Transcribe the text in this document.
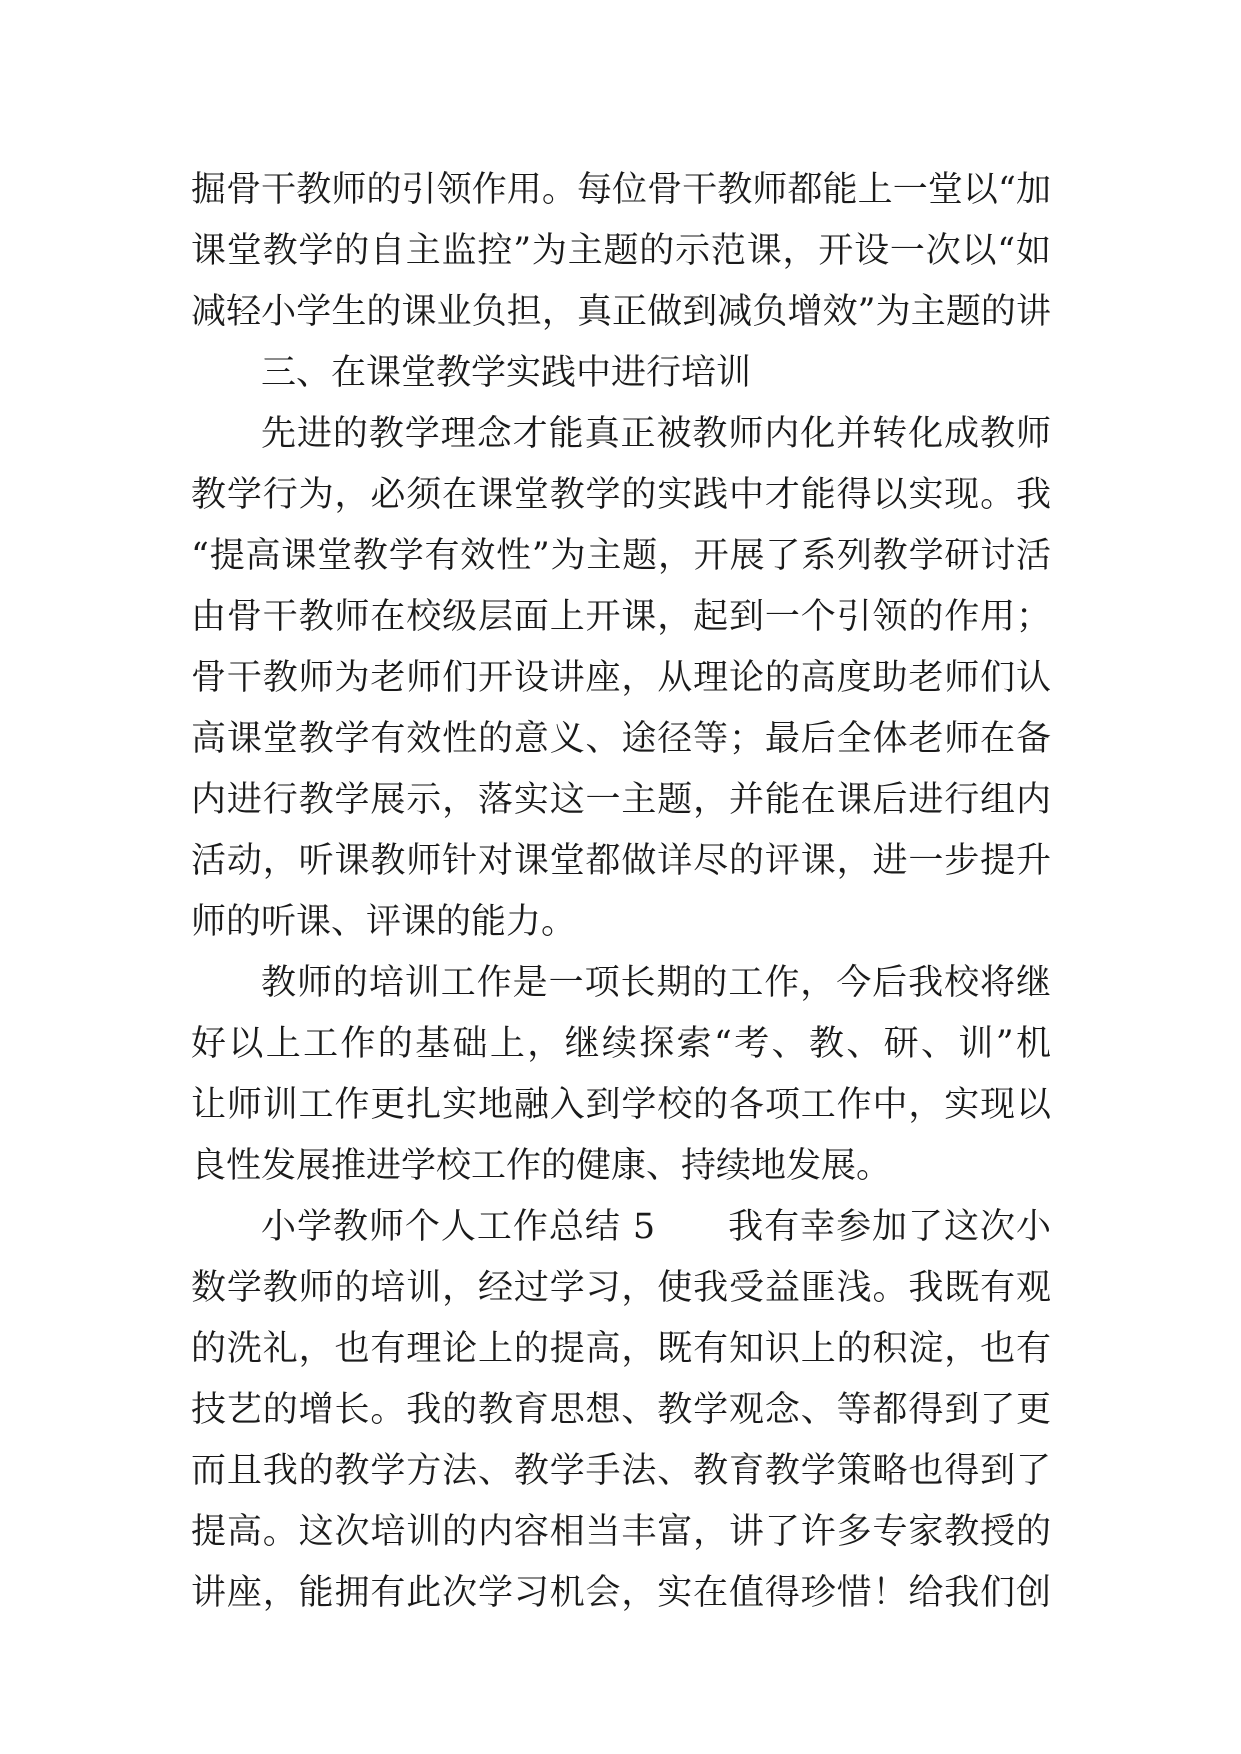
掘骨干教师的引领作用。每位骨干教师都能上一堂以“加
课堂教学的自主监控”为主题的示范课，开设一次以“如
减轻小学生的课业负担，真正做到减负增效”为主题的讲
三、在课堂教学实践中进行培训
先进的教学理念才能真正被教师内化并转化成教师
教学行为，必须在课堂教学的实践中才能得以实现。我
“提高课堂教学有效性”为主题，开展了系列教学研讨活
由骨干教师在校级层面上开课，起到一个引领的作用；
骨干教师为老师们开设讲座，从理论的高度助老师们认
高课堂教学有效性的意义、途径等；最后全体老师在备
内进行教学展示，落实这一主题，并能在课后进行组内
活动，听课教师针对课堂都做详尽的评课，进一步提升
师的听课、评课的能力。
教师的培训工作是一项长期的工作，今后我校将继
好以上工作的基础上，继续探索“考、教、研、训”机
让师训工作更扎实地融入到学校的各项工作中，实现以
良性发展推进学校工作的健康、持续地发展。
小学教师个人工作总结 5　　我有幸参加了这次小
数学教师的培训，经过学习，使我受益匪浅。我既有观
的洗礼，也有理论上的提高，既有知识上的积淀，也有
技艺的增长。我的教育思想、教学观念、等都得到了更
而且我的教学方法、教学手法、教育教学策略也得到了
提高。这次培训的内容相当丰富，讲了许多专家教授的
讲座，能拥有此次学习机会，实在值得珍惜！给我们创
